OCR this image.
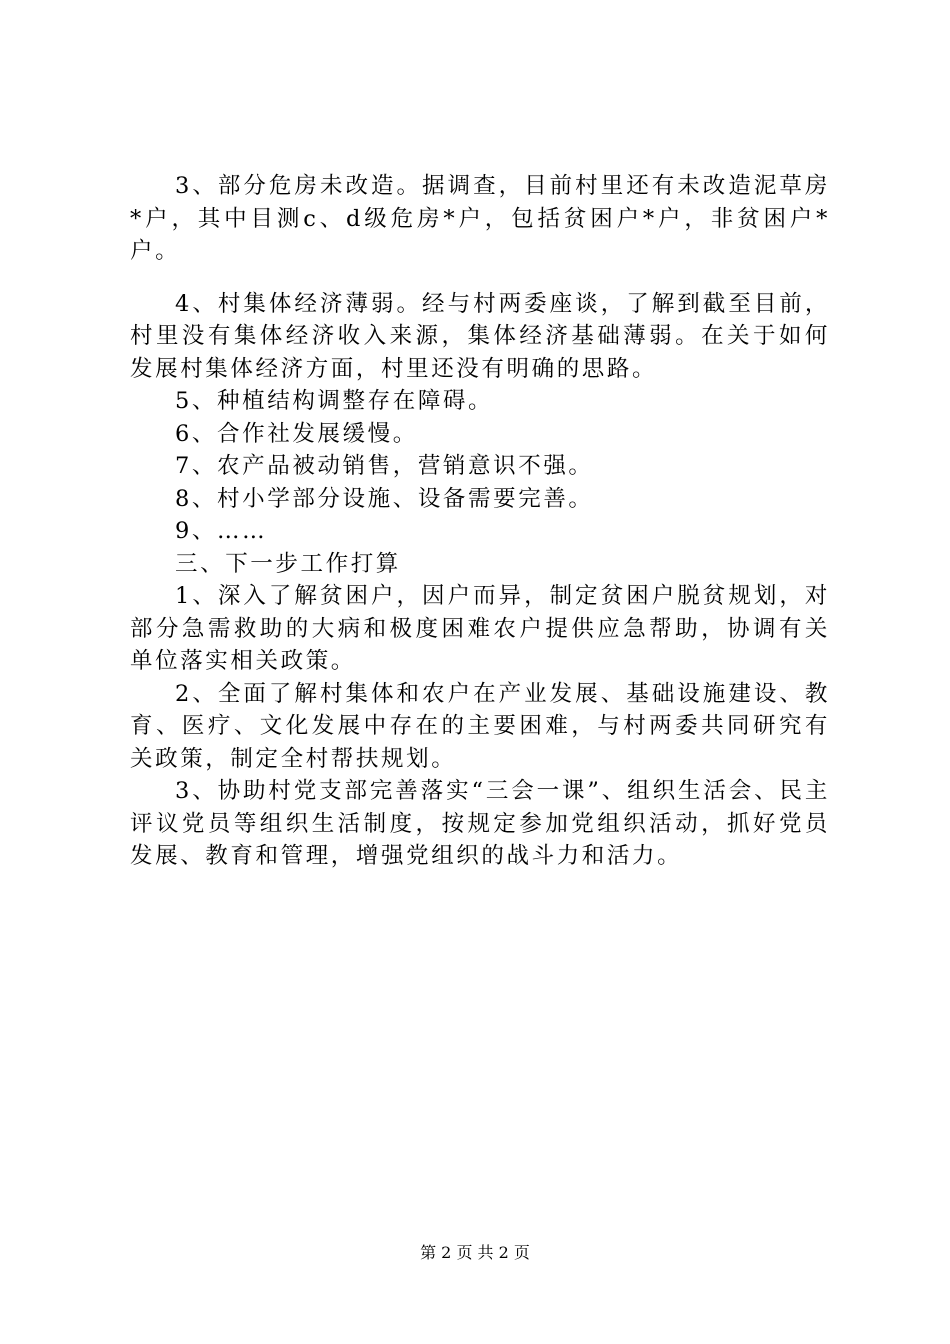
3、部分危房未改造。据调查，目前村里还有未改造泥草房*户，其中目测c、d级危房*户，包括贫困户*户，非贫困户*户。

4、村集体经济薄弱。经与村两委座谈，了解到截至目前，村里没有集体经济收入来源，集体经济基础薄弱。在关于如何发展村集体经济方面，村里还没有明确的思路。

5、种植结构调整存在障碍。

6、合作社发展缓慢。

7、农产品被动销售，营销意识不强。

8、村小学部分设施、设备需要完善。

9、……

三、下一步工作打算

1、深入了解贫困户，因户而异，制定贫困户脱贫规划，对部分急需救助的大病和极度困难农户提供应急帮助，协调有关单位落实相关政策。

2、全面了解村集体和农户在产业发展、基础设施建设、教育、医疗、文化发展中存在的主要困难，与村两委共同研究有关政策，制定全村帮扶规划。

3、协助村党支部完善落实“三会一课”、组织生活会、民主评议党员等组织生活制度，按规定参加党组织活动，抓好党员发展、教育和管理，增强党组织的战斗力和活力。

第 2 页 共 2 页
